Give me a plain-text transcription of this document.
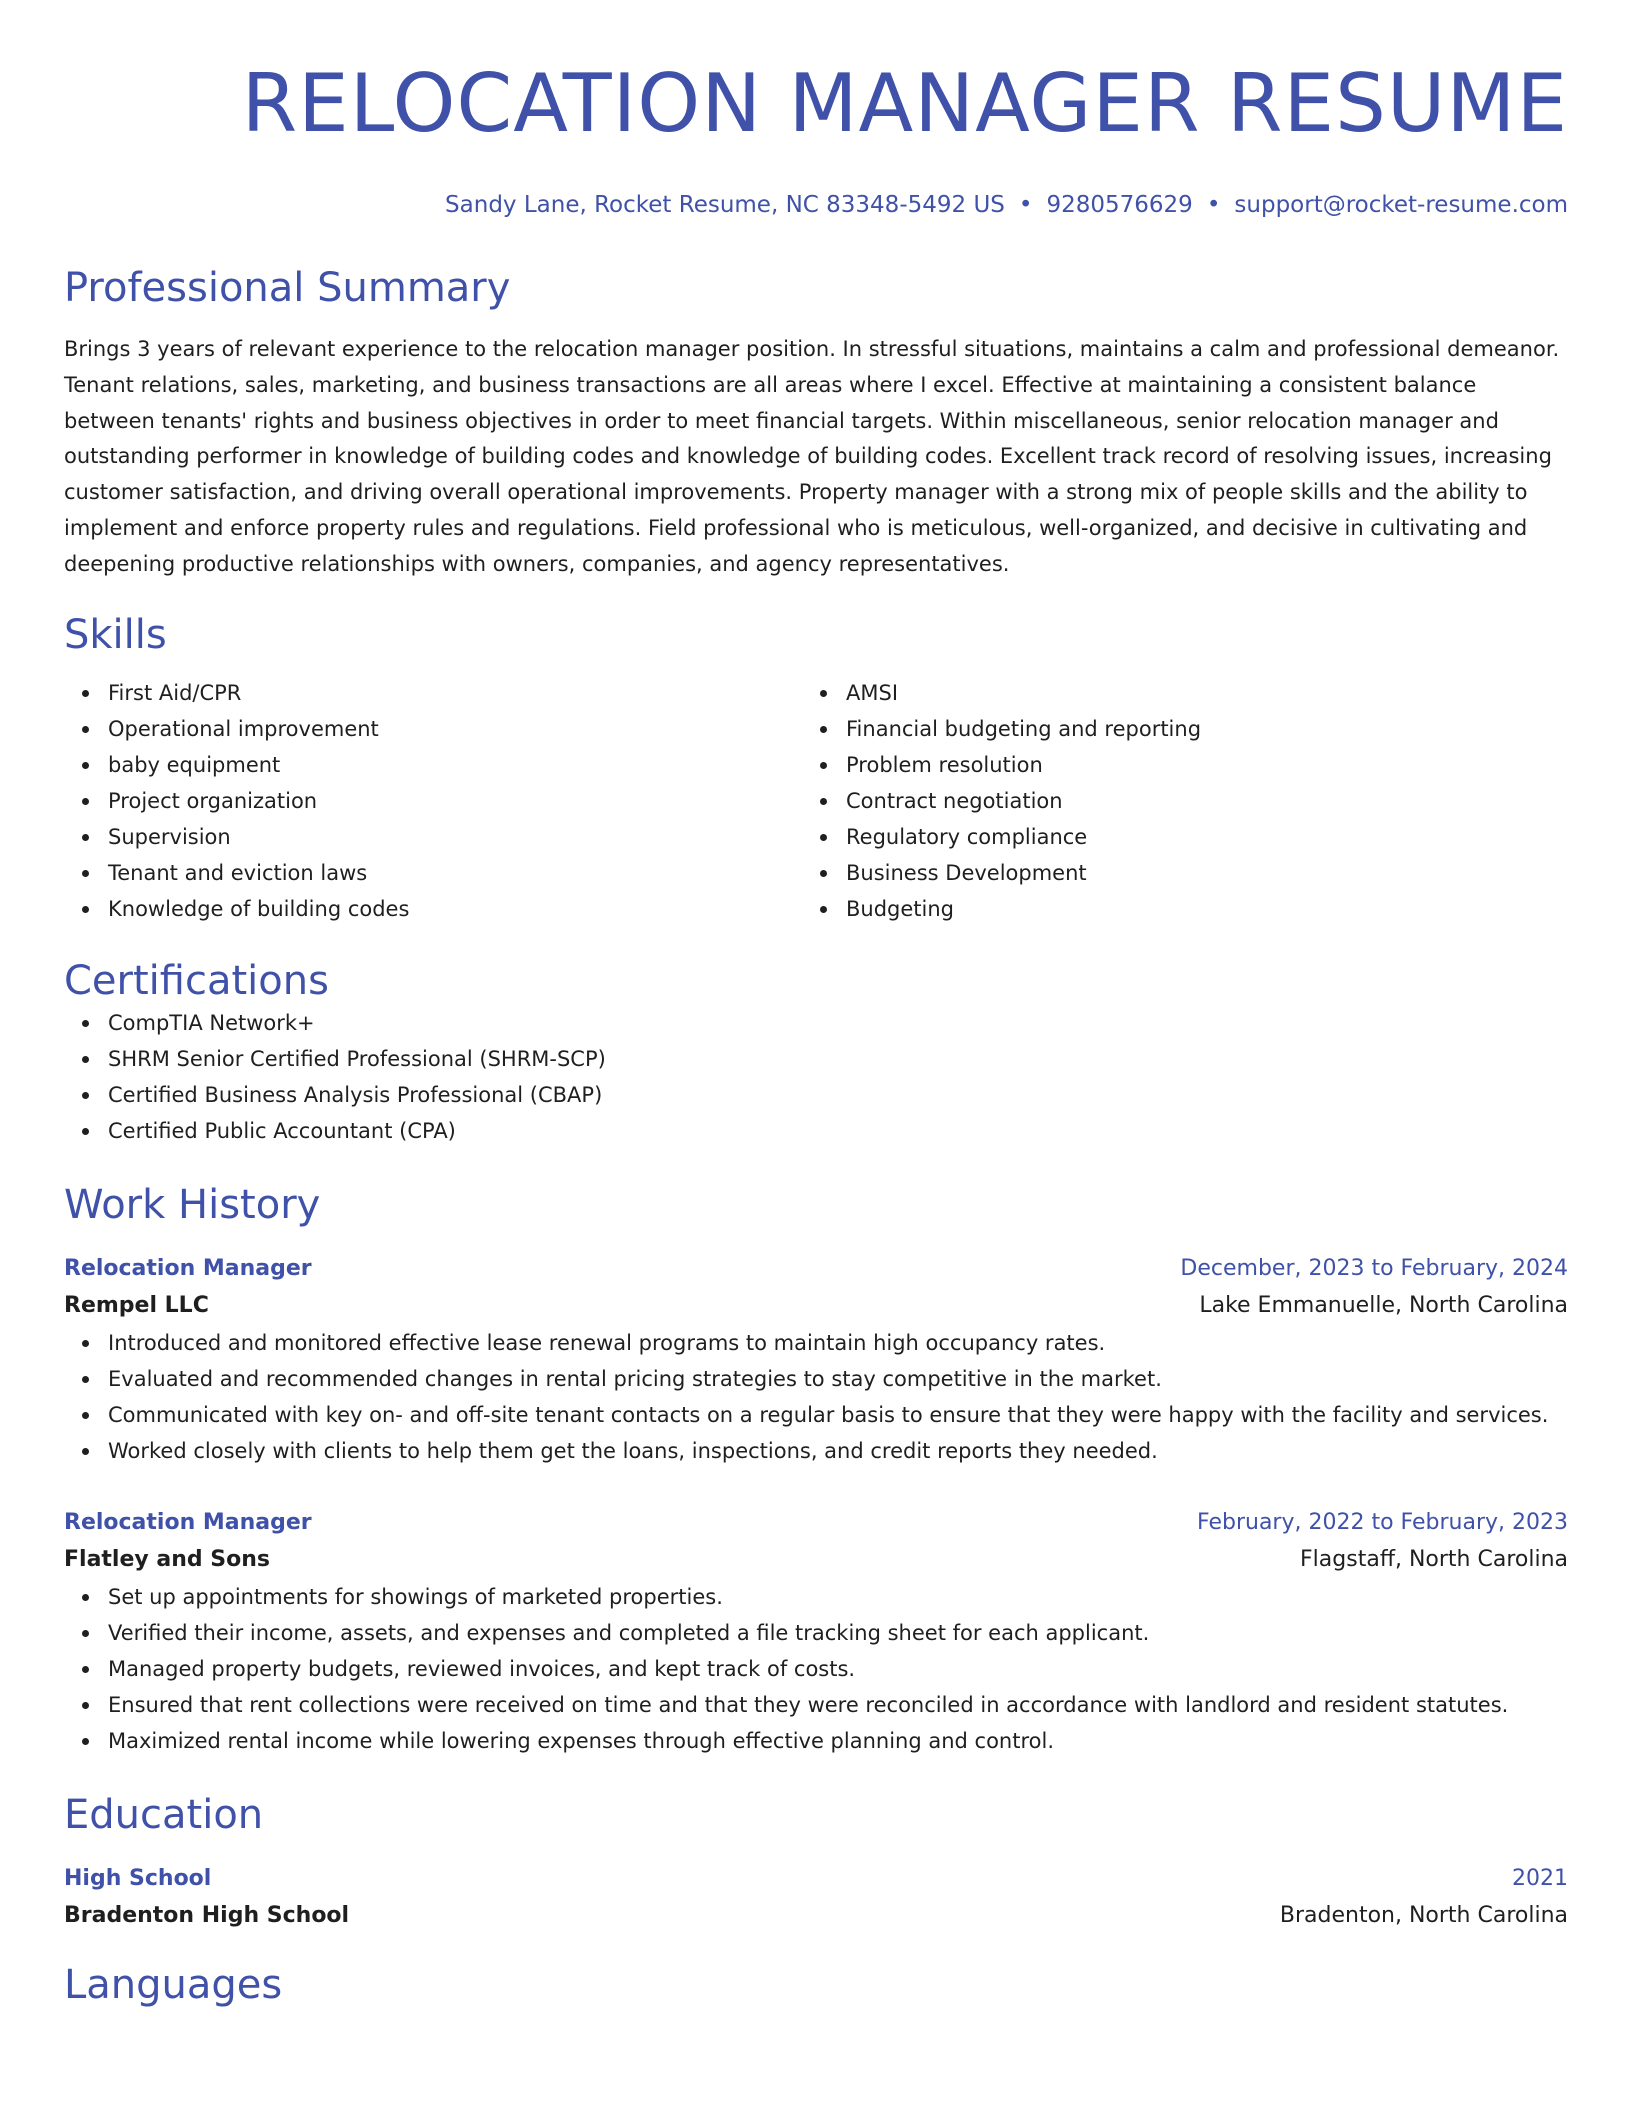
RELOCATION MANAGER RESUME
Sandy Lane, Rocket Resume, NC 83348-5492 US • 9280576629 • support@rocket-resume.com
Professional Summary
Brings 3 years of relevant experience to the relocation manager position. In stressful situations, maintains a calm and professional demeanor. Tenant relations, sales, marketing, and business transactions are all areas where I excel. Effective at maintaining a consistent balance between tenants' rights and business objectives in order to meet financial targets. Within miscellaneous, senior relocation manager and outstanding performer in knowledge of building codes and knowledge of building codes. Excellent track record of resolving issues, increasing customer satisfaction, and driving overall operational improvements. Property manager with a strong mix of people skills and the ability to implement and enforce property rules and regulations. Field professional who is meticulous, well-organized, and decisive in cultivating and deepening productive relationships with owners, companies, and agency representatives.
Skills
First Aid/CPR
Operational improvement
baby equipment
Project organization
Supervision
Tenant and eviction laws
Knowledge of building codes
AMSI
Financial budgeting and reporting
Problem resolution
Contract negotiation
Regulatory compliance
Business Development
Budgeting
Certifications
CompTIA Network+
SHRM Senior Certified Professional (SHRM-SCP)
Certified Business Analysis Professional (CBAP)
Certified Public Accountant (CPA)
Work History
Relocation Manager	December, 2023 to February, 2024
Rempel LLC	Lake Emmanuelle, North Carolina
Introduced and monitored effective lease renewal programs to maintain high occupancy rates.
Evaluated and recommended changes in rental pricing strategies to stay competitive in the market.
Communicated with key on- and off-site tenant contacts on a regular basis to ensure that they were happy with the facility and services.
Worked closely with clients to help them get the loans, inspections, and credit reports they needed.
Relocation Manager	February, 2022 to February, 2023
Flatley and Sons	Flagstaff, North Carolina
Set up appointments for showings of marketed properties.
Verified their income, assets, and expenses and completed a file tracking sheet for each applicant.
Managed property budgets, reviewed invoices, and kept track of costs.
Ensured that rent collections were received on time and that they were reconciled in accordance with landlord and resident statutes.
Maximized rental income while lowering expenses through effective planning and control.
Education
High School	2021
Bradenton High School	Bradenton, North Carolina
Languages
